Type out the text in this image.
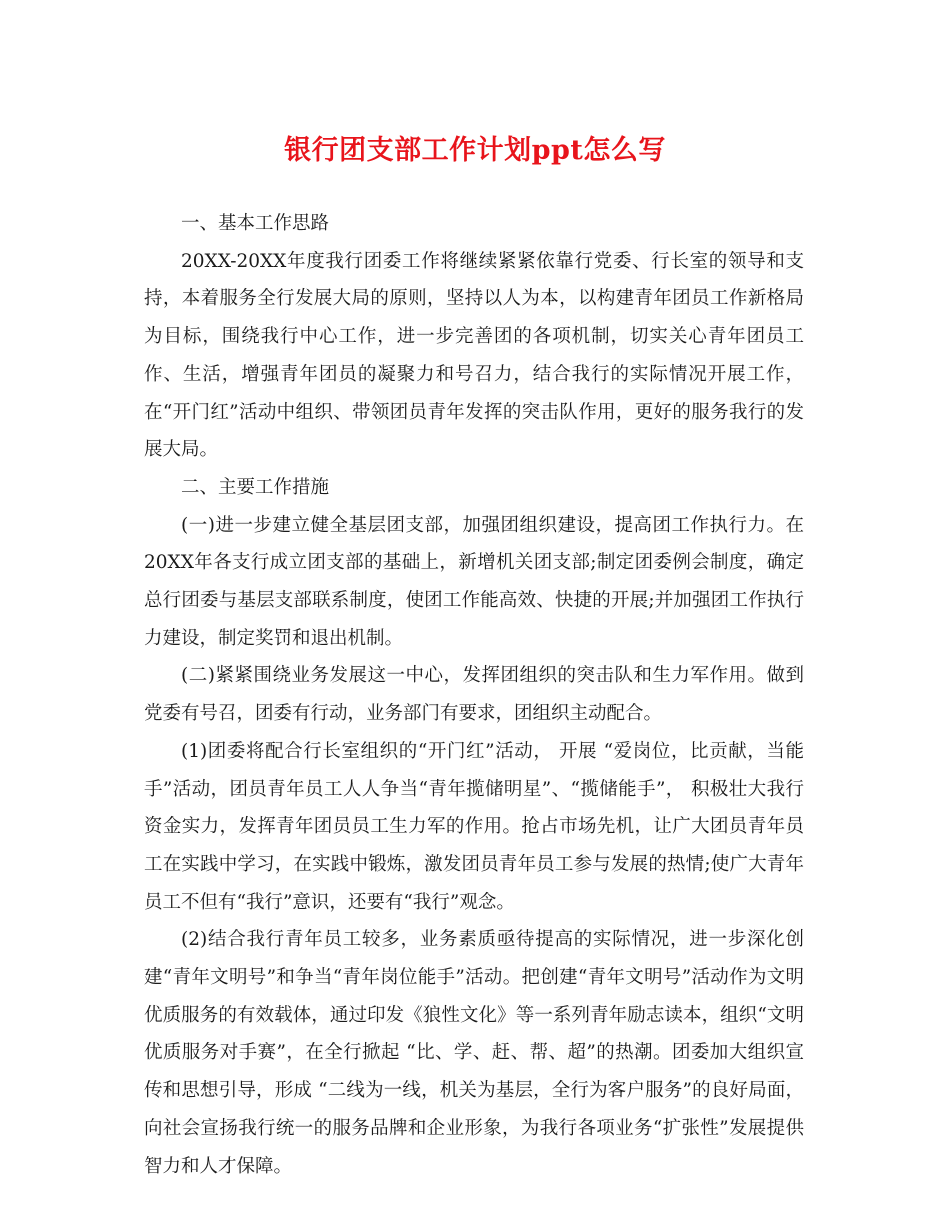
银行团支部工作计划ppt怎么写

一、基本工作思路

20XX-20XX年度我行团委工作将继续紧紧依靠行党委、行长室的领导和支持，本着服务全行发展大局的原则，坚持以人为本，以构建青年团员工作新格局为目标，围绕我行中心工作，进一步完善团的各项机制，切实关心青年团员工作、生活，增强青年团员的凝聚力和号召力，结合我行的实际情况开展工作，在“开门红”活动中组织、带领团员青年发挥的突击队作用，更好的服务我行的发展大局。

二、主要工作措施

(一)进一步建立健全基层团支部，加强团组织建设，提高团工作执行力。在20XX年各支行成立团支部的基础上，新增机关团支部;制定团委例会制度，确定总行团委与基层支部联系制度，使团工作能高效、快捷的开展;并加强团工作执行力建设，制定奖罚和退出机制。

(二)紧紧围绕业务发展这一中心，发挥团组织的突击队和生力军作用。做到党委有号召，团委有行动，业务部门有要求，团组织主动配合。

(1)团委将配合行长室组织的“开门红”活动， 开展 “爱岗位，比贡献，当能手”活动，团员青年员工人人争当“青年揽储明星”、“揽储能手”， 积极壮大我行资金实力，发挥青年团员员工生力军的作用。抢占市场先机，让广大团员青年员工在实践中学习，在实践中锻炼，激发团员青年员工参与发展的热情;使广大青年员工不但有“我行”意识，还要有“我行”观念。

(2)结合我行青年员工较多，业务素质亟待提高的实际情况，进一步深化创建“青年文明号”和争当“青年岗位能手”活动。把创建“青年文明号”活动作为文明优质服务的有效载体，通过印发《狼性文化》等一系列青年励志读本，组织“文明优质服务对手赛”，在全行掀起 “比、学、赶、帮、超”的热潮。团委加大组织宣传和思想引导，形成 “二线为一线，机关为基层，全行为客户服务”的良好局面，向社会宣扬我行统一的服务品牌和企业形象，为我行各项业务“扩张性”发展提供智力和人才保障。
